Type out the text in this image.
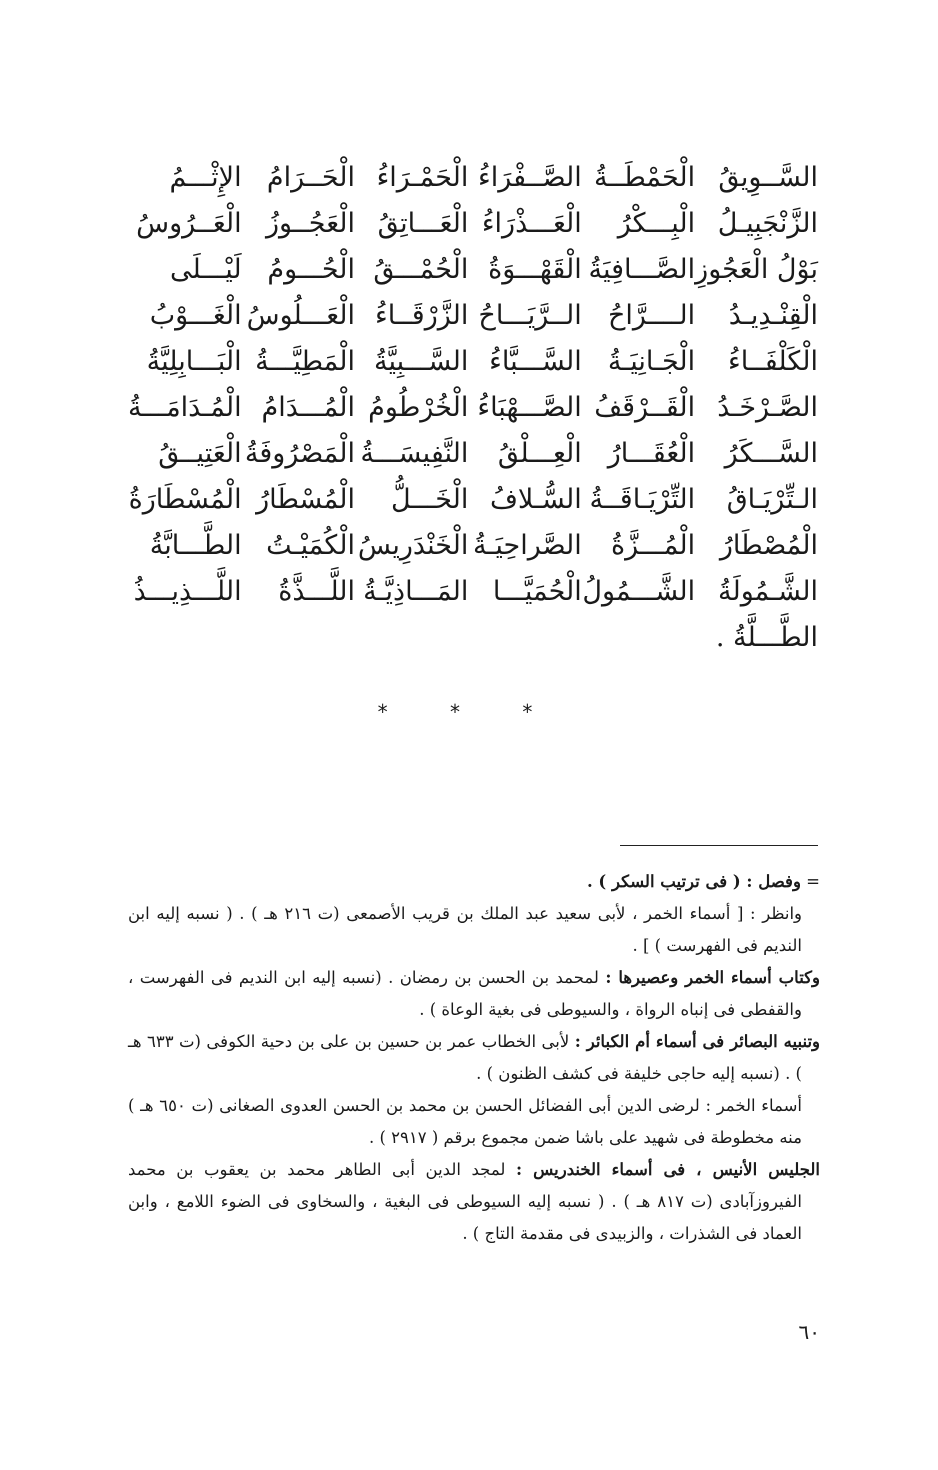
السَّــوِيقُ
الْحَمْطَــةُ
الصَّــفْرَاءُ
الْحَمْـرَاءُ
الْحَــرَامُ
الإِثْـــمُ
الزَّنْجَبِيـلُ
الْبِـــكْرُ
الْعَـــذْرَاءُ
الْعَـــاتِقُ
الْعَجُــوزُ
الْعَــرُوسُ
بَوْلُ الْعَجُوزِ
الصَّـــافِيَةُ
الْقَهْـــوَةُ
الْحُمْـــقُ
الْحُـــومُ
لَيْـــلَى
الْقِنْـدِيـدُ
الــــرَّاحُ
الــرَّيَـــاحُ
الزَّرْقَــاءُ
الْعَـــلُوسُ
الْغَـــوْبُ
الْكَلْفَــاءُ
الْجَـانِيَـةُ
السَّـــبَّاءُ
السَّـــبِيَّةُ
الْمَطِيَّـــةُ
الْبَـــابِلِيَّةُ
الصَّـرْخَـدُ
الْقَــرْقَفُ
الصَّـــهْبَاءُ
الْخُرْطُومُ
الْمُـــدَامُ
الْمُـدَامَـــةُ
السَّـــكَرُ
الْعُقَـــارُ
الْعِـــلْقُ
النَّفِيسَـــةُ
الْمَصْرُوفَةُ
الْعَتِيــقُ
الـتِّرْيَـاقُ
التِّرْيَـاقَــةُ
السُّـلافُ
الْخَـــلُّ
الْمُسْطَارُ
الْمُسْطَارَةُ
الْمُصْطَارُ
الْمُـــزَّةُ
الصَّراحِيَـةُ
الْخَنْدَرِيسُ
الْكُمَيْـتُ
الطَّـــابَّةُ
الشَّـمُولَةُ
الشَّـــمُولُ
الْحُمَيَّـــا
المَـــاذِيَّـةُ
اللَّـــذَّةُ
اللَّـــذِيـــذُ
الطَّـــلَّةُ .
* * *

= وفصل : ( فى ترتيب السكر ) .

وانظر : [ أسماء الخمر ، لأبى سعيد عبد الملك بن قريب الأصمعى (ت ٢١٦ هـ ) . ( نسبه إليه ابن النديم فى الفهرست ) ] .

وكتاب أسماء الخمر وعصيرها : لمحمد بن الحسن بن رمضان . (نسبه إليه ابن النديم فى الفهرست ، والقفطى فى إنباه الرواة ، والسيوطى فى بغية الوعاة ) .

وتنبيه البصائر فى أسماء أم الكبائر : لأبى الخطاب عمر بن حسين بن على بن دحية الكوفى (ت ٦٣٣ هـ ) . (نسبه إليه حاجى خليفة فى كشف الظنون ) .

أسماء الخمر : لرضى الدين أبى الفضائل الحسن بن محمد بن الحسن العدوى الصغانى (ت ٦٥٠ هـ ) منه مخطوطة فى شهيد على باشا ضمن مجموع برقم ( ٢٩١٧ ) .

الجليس الأنيس ، فى أسماء الخندريس : لمجد الدين أبى الطاهر محمد بن يعقوب بن محمد الفيروزآبادى (ت ٨١٧ هـ ) . ( نسبه إليه السيوطى فى البغية ، والسخاوى فى الضوء اللامع ، وابن العماد فى الشذرات ، والزبيدى فى مقدمة التاج ) .

٦٠
